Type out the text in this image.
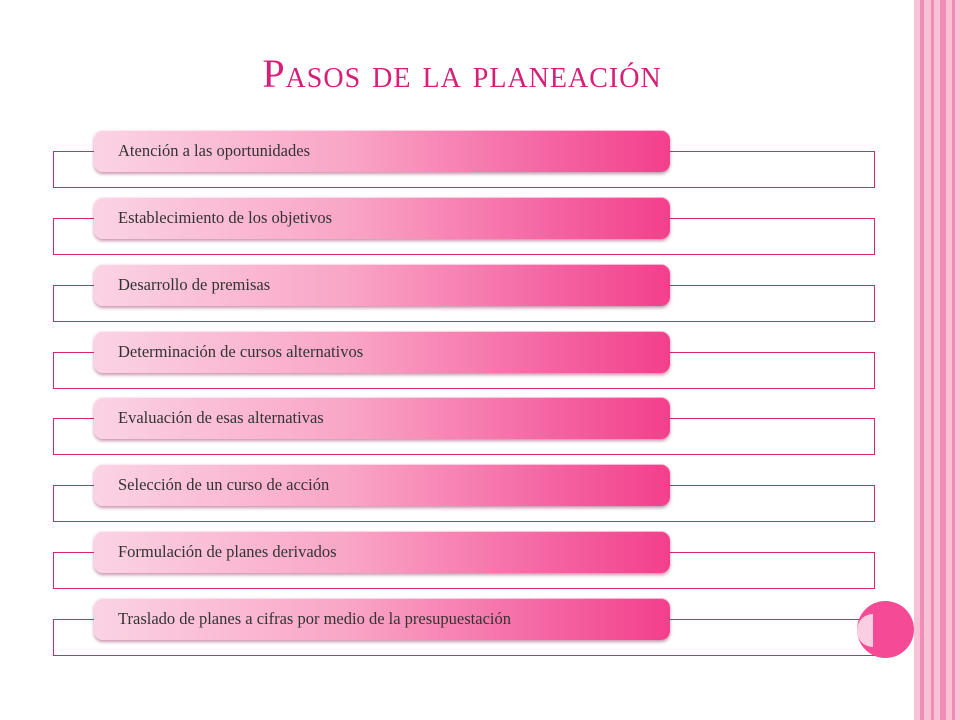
Pasos de la planeación
Atención a las oportunidades
Establecimiento de los objetivos
Desarrollo de premisas
Determinación de cursos alternativos
Evaluación de esas alternativas
Selección de un curso de acción
Formulación de planes derivados
Traslado de planes a cifras por medio de la presupuestación
